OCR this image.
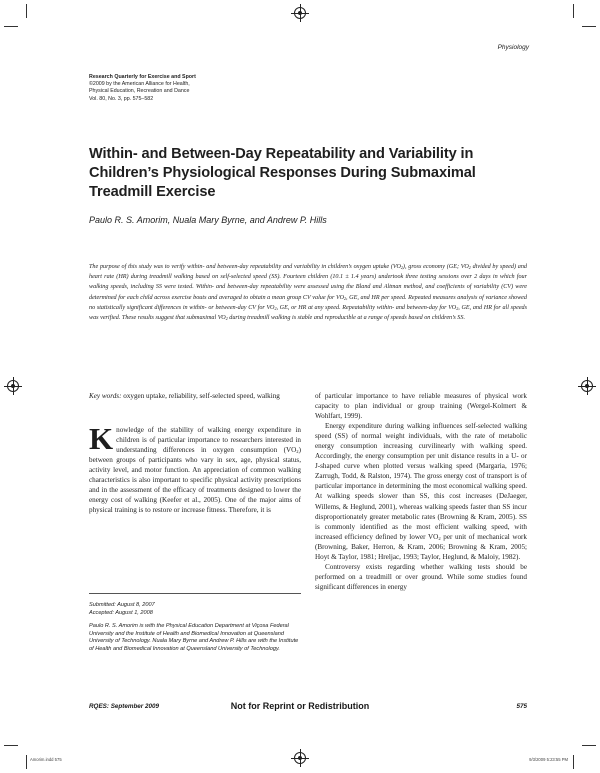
Physiology
Research Quarterly for Exercise and Sport
©2009 by the American Alliance for Health,
Physical Education, Recreation and Dance
Vol. 80, No. 3, pp. 575–582
Within- and Between-Day Repeatability and Variability in
Children’s Physiological Responses During Submaximal
Treadmill Exercise
Paulo R. S. Amorim, Nuala Mary Byrne, and Andrew P. Hills
The purpose of this study was to verify within- and between-day repeatability and variability in children’s oxygen uptake $(VO_2)$, gross economy (GE; $VO_2$ divided by speed) and heart rate (HR) during treadmill walking based on self-selected speed (SS). Fourteen children (10.1 ± 1.4 years) undertook three testing sessions over 2 days in which four walking speeds, including SS were tested. Within- and between-day repeatability were assessed using the Bland and Altman method, and coefficients of variability (CV) were determined for each child across exercise bouts and averaged to obtain a mean group CV value for $VO_2$, GE, and HR per speed. Repeated measures analysis of variance showed no statistically significant differences in within- or between-day CV for $VO_2$, GE, or HR at any speed. Repeatability within- and between-day for $VO_2$, GE, and HR for all speeds was verified. These results suggest that submaximal $VO_2$ during treadmill walking is stable and reproducible at a range of speeds based on children’s SS.
Key words: oxygen uptake, reliability, self-selected speed, walking

Knowledge of the stability of walking energy expenditure in children is of particular importance to researchers interested in understanding differences in oxygen consumption $(VO_2)$ between groups of participants who vary in sex, age, physical status, activity level, and motor function. An appreciation of common walking characteristics is also important to specific physical activity prescriptions and in the assessment of the efficacy of treatments designed to lower the energy cost of walking (Keefer et al., 2005). One of the major aims of physical training is to restore or increase fitness. Therefore, it is

Submitted: August 8, 2007
Accepted: August 1, 2008
Paulo R. S. Amorim is with the Physical Education Department at Viçosa Federal University and the Institute of Health and Biomedical Innovation at Queensland University of Technology. Nuala Mary Byrne and Andrew P. Hills are with the Institute of Health and Biomedical Innovation at Queensland University of Technology.

of particular importance to have reliable measures of physical work capacity to plan individual or group training (Wergel-Kolmert & Wohlfart, 1999).

Energy expenditure during walking influences self-selected walking speed (SS) of normal weight individuals, with the rate of metabolic energy consumption increasing curvilinearly with walking speed. Accordingly, the energy consumption per unit distance results in a U- or J-shaped curve when plotted versus walking speed (Margaria, 1976; Zarrugh, Todd, & Ralston, 1974). The gross energy cost of transport is of particular importance in determining the most economical walking speed. At walking speeds slower than SS, this cost increases (DeJaeger, Willems, & Heglund, 2001), whereas walking speeds faster than SS incur disproportionately greater metabolic rates (Browning & Kram, 2005). SS is commonly identified as the most efficient walking speed, with increased efficiency defined by lower $VO_2$ per unit of mechanical work (Browning, Baker, Herron, & Kram, 2006; Browning & Kram, 2005; Hoyt & Taylor, 1981; Hreljac, 1993; Taylor, Heglund, & Maloiy, 1982).

Controversy exists regarding whether walking tests should be performed on a treadmill or over ground. While some studies found significant differences in energy

RQES: September 2009	Not for Reprint or Redistribution	575
Amorim.indd 575	9/3/2009 5:23:55 PM
